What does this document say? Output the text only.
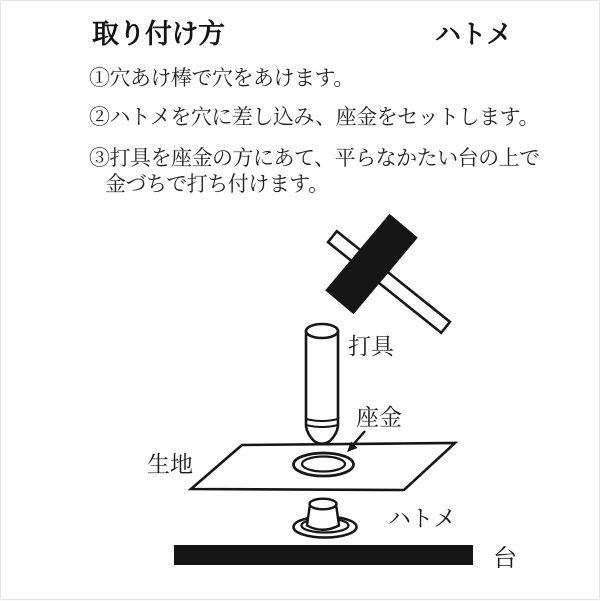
取り付け方	ハトメ
①穴あけ棒で穴をあけます。
②ハトメを穴に差し込み、座金をセットします。
③打具を座金の方にあて、平らなかたい台の上で
金づちで打ち付けます。
打具
座金
生地
ハトメ
台
